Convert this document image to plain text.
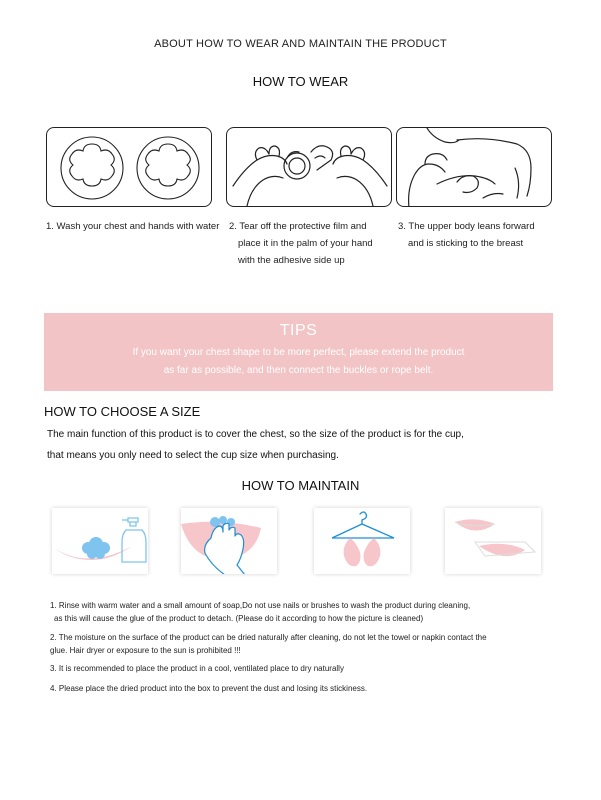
ABOUT HOW TO WEAR AND MAINTAIN THE PRODUCT
HOW TO WEAR
1. Wash your chest and hands with water 2. Tear off the protective film and
place it in the palm of your hand
with the adhesive side up
3. The upper body leans forward
and is sticking to the breast
TIPS
If you want your chest shape to be more perfect, please extend the product
as far as possible, and then connect the buckles or rope belt.
HOW TO CHOOSE A SIZE
The main function of this product is to cover the chest, so the size of the product is for the cup,
that means you only need to select the cup size when purchasing.
HOW TO MAINTAIN
1. Rinse with warm water and a small amount of soap,Do not use nails or brushes to wash the product during cleaning,
as this will cause the glue of the product to detach. (Please do it according to how the picture is cleaned)
2. The moisture on the surface of the product can be dried naturally after cleaning, do not let the towel or napkin contact the
glue. Hair dryer or exposure to the sun is prohibited !!!
3. It is recommended to place the product in a cool, ventilated place to dry naturally
4. Please place the dried product into the box to prevent the dust and losing its stickiness.
